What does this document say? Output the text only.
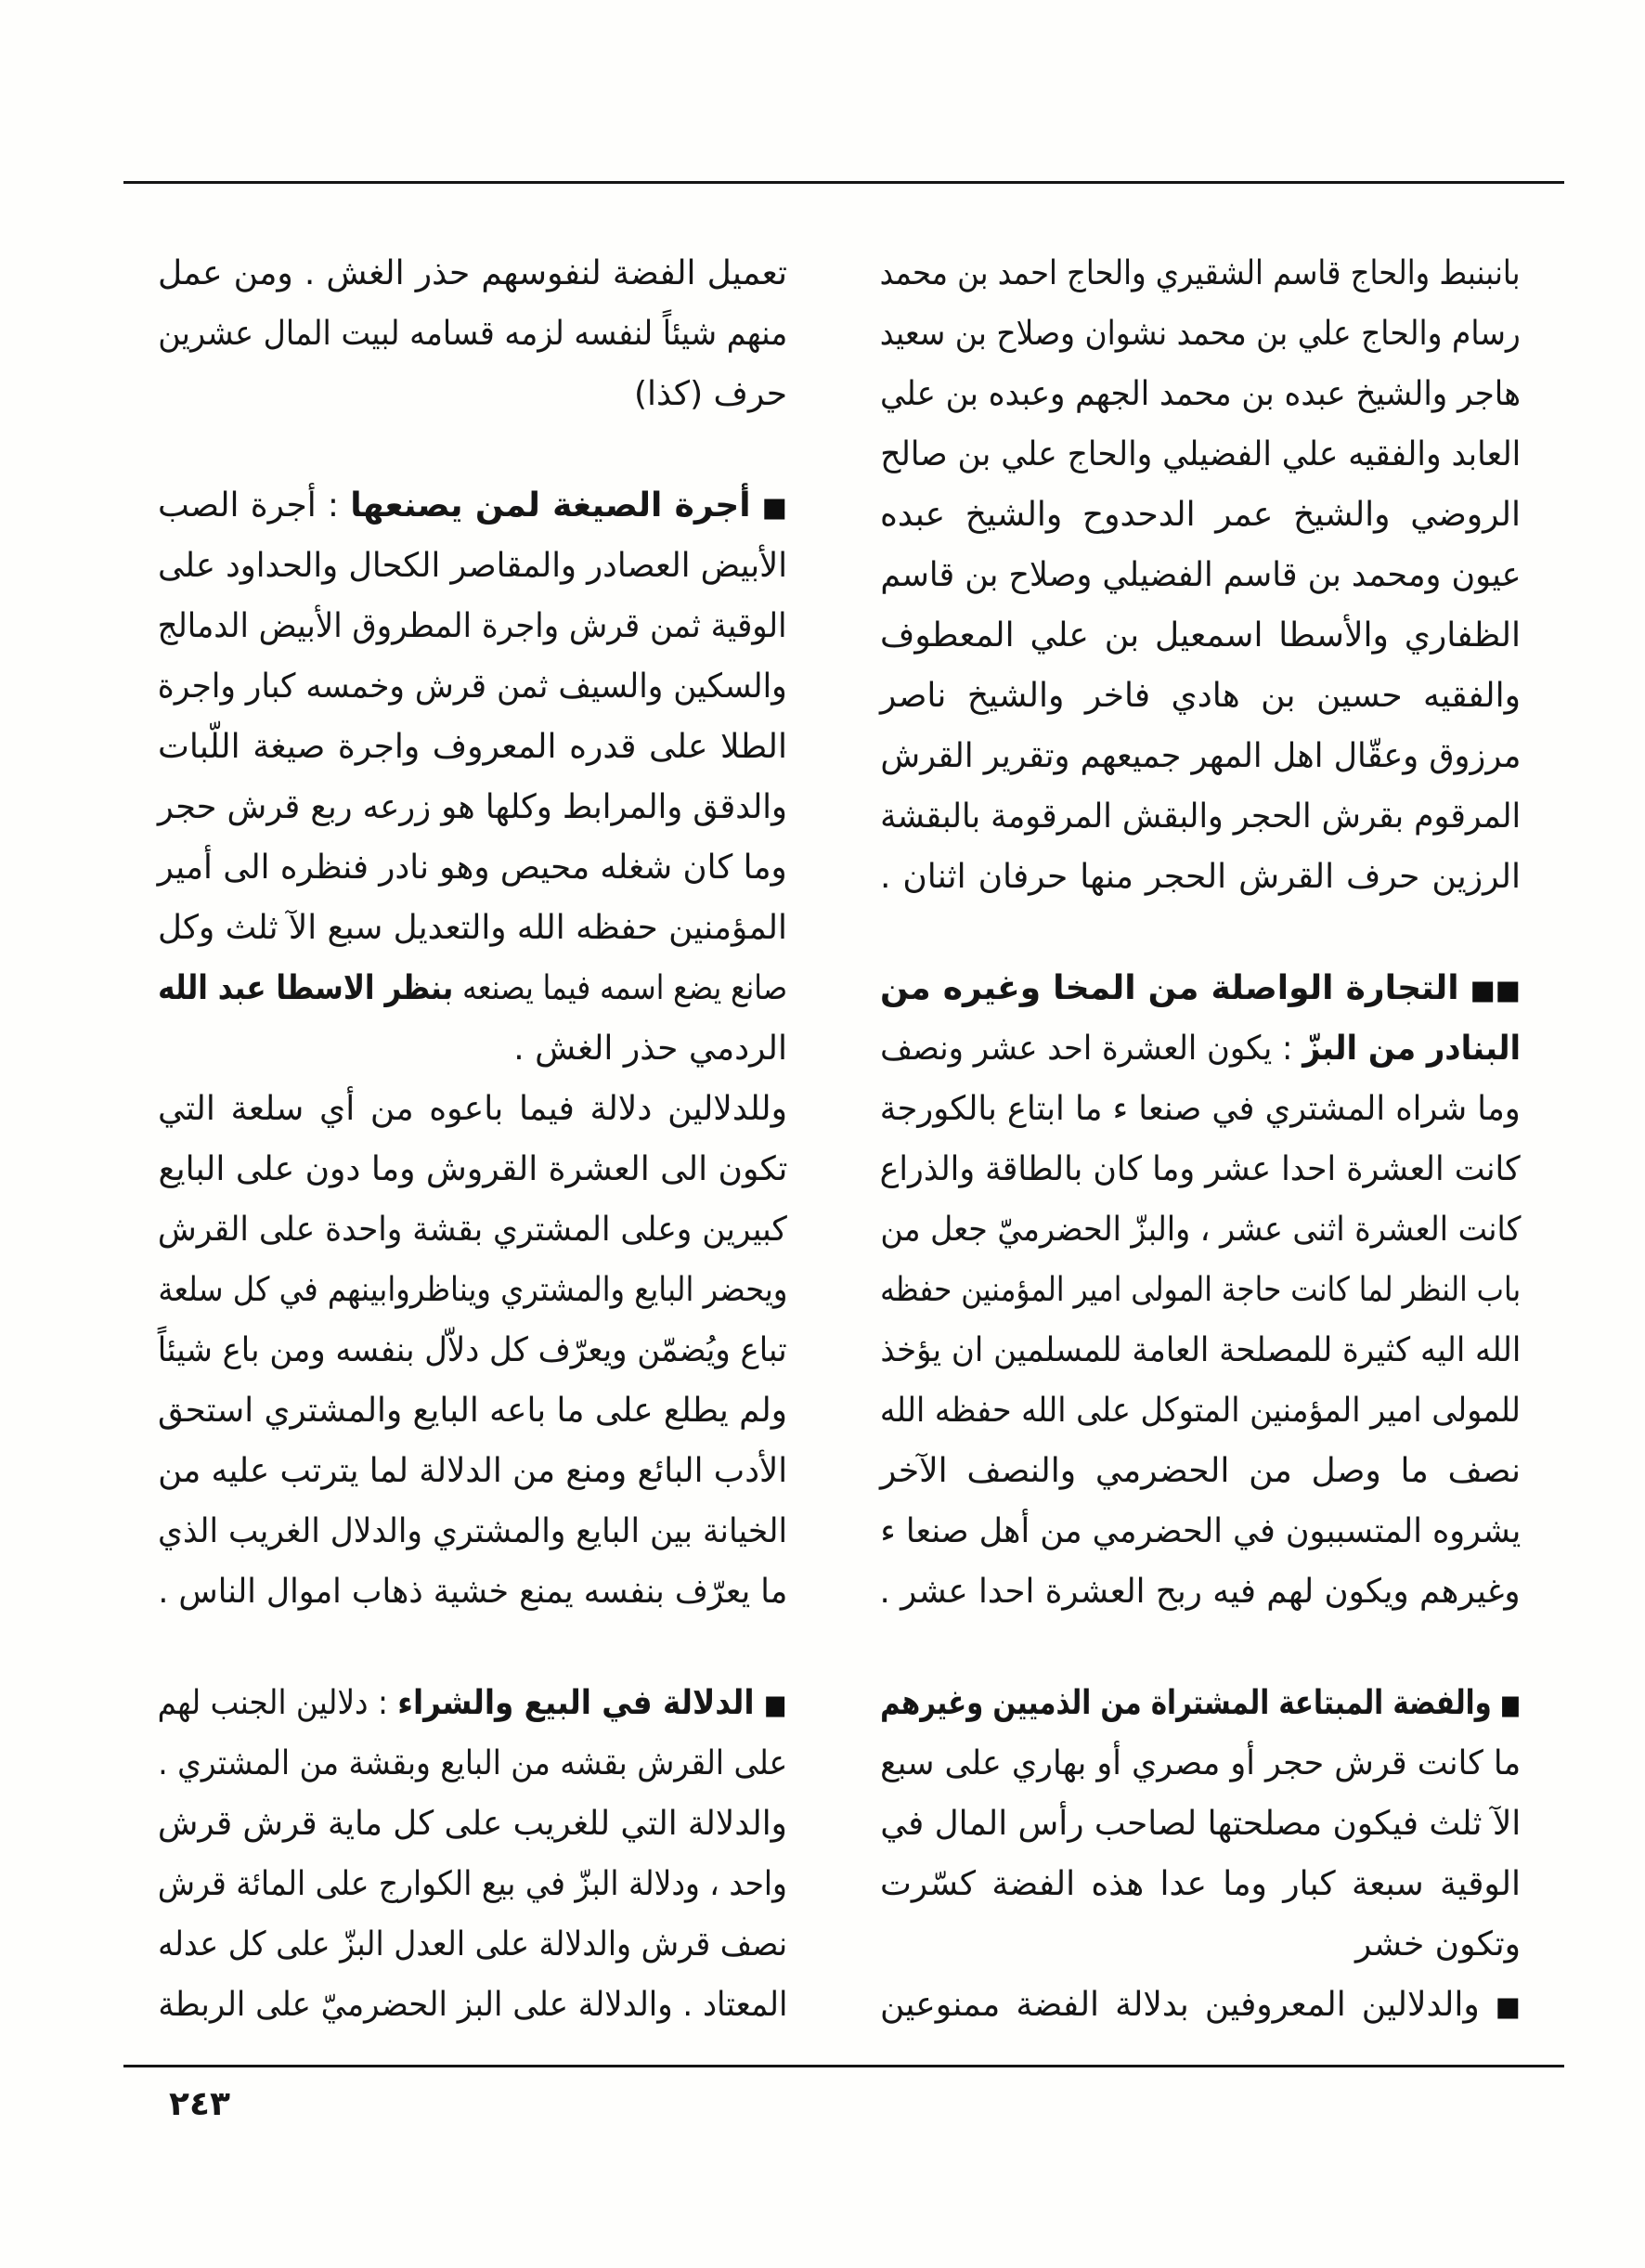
بانبنبط والحاج قاسم الشقيري والحاج احمد بن محمد
رسام والحاج علي بن محمد نشوان وصلاح بن سعيد
هاجر والشيخ عبده بن محمد الجهم وعبده بن علي
العابد والفقيه علي الفضيلي والحاج علي بن صالح
الروضي والشيخ عمر الدحدوح والشيخ عبده
عيون ومحمد بن قاسم الفضيلي وصلاح بن قاسم
الظفاري والأسطا اسمعيل بن علي المعطوف
والفقيه حسين بن هادي فاخر والشيخ ناصر
مرزوق وعقّال اهل المهر جميعهم وتقرير القرش
المرقوم بقرش الحجر والبقش المرقومة بالبقشة
الرزين حرف القرش الحجر منها حرفان اثنان .
■■ التجارة الواصلة من المخا وغيره من
البنادر من البزّ : يكون العشرة احد عشر ونصف
وما شراه المشتري في صنعا ء ما ابتاع بالكورجة
كانت العشرة احدا عشر وما كان بالطاقة والذراع
كانت العشرة اثنى عشر ، والبزّ الحضرميّ جعل من
باب النظر لما كانت حاجة المولى امير المؤمنين حفظه
الله اليه كثيرة للمصلحة العامة للمسلمين ان يؤخذ
للمولى امير المؤمنين المتوكل على الله حفظه الله
نصف ما وصل من الحضرمي والنصف الآخر
يشروه المتسببون في الحضرمي من أهل صنعا ء
وغيرهم ويكون لهم فيه ربح العشرة احدا عشر .
■ والفضة المبتاعة المشتراة من الذميين وغيرهم
ما كانت قرش حجر أو مصري أو بهاري على سبع
الآ ثلث فيكون مصلحتها لصاحب رأس المال في
الوقية سبعة كبار وما عدا هذه الفضة كسّرت
وتكون خشر
■ والدلالين المعروفين بدلالة الفضة ممنوعين
تعميل الفضة لنفوسهم حذر الغش . ومن عمل
منهم شيئاً لنفسه لزمه قسامه لبيت المال عشرين
حرف (كذا)
■ أجرة الصيغة لمن يصنعها : أجرة الصب
الأبيض العصادر والمقاصر الكحال والحداود على
الوقية ثمن قرش واجرة المطروق الأبيض الدمالج
والسكين والسيف ثمن قرش وخمسه كبار واجرة
الطلا على قدره المعروف واجرة صيغة اللّبات
والدقق والمرابط وكلها هو زرعه ربع قرش حجر
وما كان شغله محيص وهو نادر فنظره الى أمير
المؤمنين حفظه الله والتعديل سبع الآ ثلث وكل
صانع يضع اسمه فيما يصنعه بنظر الاسطا عبد الله
الردمي حذر الغش .
وللدلالين دلالة فيما باعوه من أي سلعة التي
تكون الى العشرة القروش وما دون على البايع
كبيرين وعلى المشتري بقشة واحدة على القرش
ويحضر البايع والمشتري ويناظروابينهم في كل سلعة
تباع ويُضمّن ويعرّف كل دلاّل بنفسه ومن باع شيئاً
ولم يطلع على ما باعه البايع والمشتري استحق
الأدب البائع ومنع من الدلالة لما يترتب عليه من
الخيانة بين البايع والمشتري والدلال الغريب الذي
ما يعرّف بنفسه يمنع خشية ذهاب اموال الناس .
■ الدلالة في البيع والشراء : دلالين الجنب لهم
على القرش بقشه من البايع وبقشة من المشتري .
والدلالة التي للغريب على كل ماية قرش قرش
واحد ، ودلالة البزّ في بيع الكوارج على المائة قرش
نصف قرش والدلالة على العدل البزّ على كل عدله
المعتاد . والدلالة على البز الحضرميّ على الربطة
٢٤٣
